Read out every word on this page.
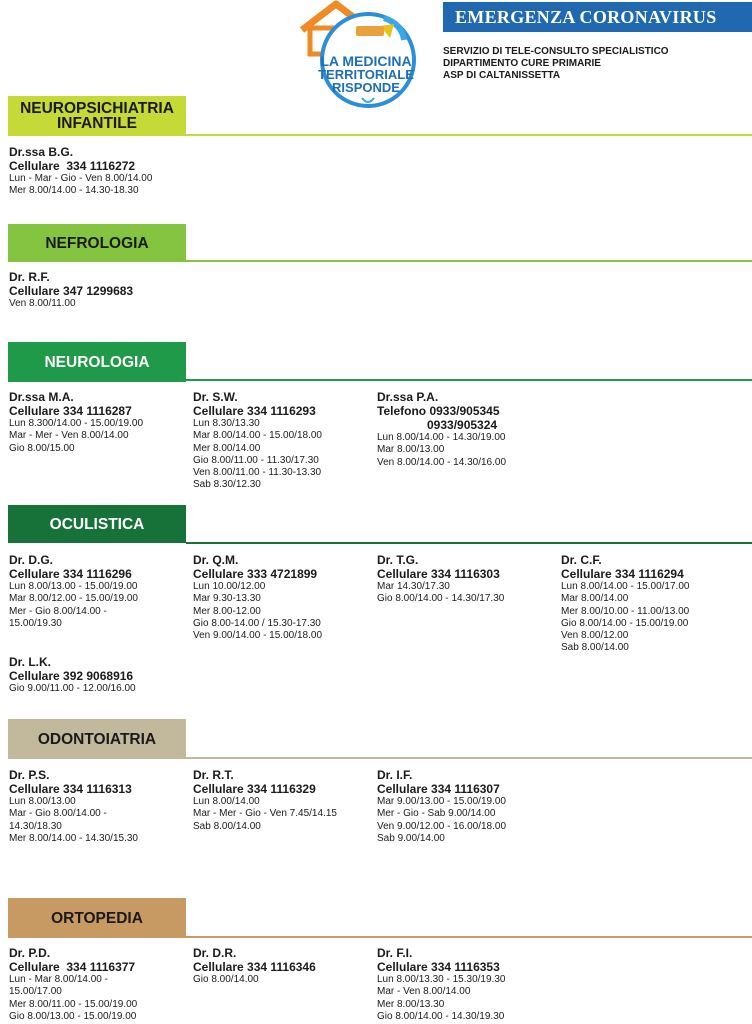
LA MEDICINA
TERRITORIALE
RISPONDE
EMERGENZA CORONAVIRUS
SERVIZIO DI TELE-CONSULTO SPECIALISTICO
DIPARTIMENTO CURE PRIMARIE
ASP DI CALTANISSETTA
NEUROPSICHIATRIA
INFANTILE
Dr.ssa B.G.
Cellulare  334 1116272
Lun - Mar - Gio - Ven 8.00/14.00
Mer 8.00/14.00 - 14.30-18.30
NEFROLOGIA
Dr. R.F.
Cellulare 347 1299683
Ven 8.00/11.00
NEUROLOGIA
Dr.ssa M.A.
Cellulare 334 1116287
Lun 8.300/14.00 - 15.00/19.00
Mar - Mer - Ven 8.00/14.00
Gio 8.00/15.00
Dr. S.W.
Cellulare 334 1116293
Lun 8.30/13.30
Mar 8.00/14.00 - 15.00/18.00
Mer 8.00/14.00
Gio 8.00/11.00 - 11.30/17.30
Ven 8.00/11.00 - 11.30-13.30
Sab 8.30/12.30
Dr.ssa P.A.
Telefono 0933/905345
0933/905324
Lun 8.00/14.00 - 14.30/19.00
Mar 8.00/13.00
Ven 8.00/14.00 - 14.30/16.00
OCULISTICA
Dr. D.G.
Cellulare 334 1116296
Lun 8.00/13.00 - 15.00/19.00
Mar 8.00/12.00 - 15.00/19.00
Mer - Gio 8.00/14.00 -
15.00/19.30
Dr. Q.M.
Cellulare 333 4721899
Lun 10.00/12.00
Mar 9.30-13.30
Mer 8.00-12.00
Gio 8.00-14.00 / 15.30-17.30
Ven 9.00/14.00 - 15.00/18.00
Dr. T.G.
Cellulare 334 1116303
Mar 14.30/17.30
Gio 8.00/14.00 - 14.30/17.30
Dr. C.F.
Cellulare 334 1116294
Lun 8.00/14.00 - 15.00/17.00
Mar 8.00/14.00
Mer 8.00/10.00 - 11.00/13.00
Gio 8.00/14.00 - 15.00/19.00
Ven 8.00/12.00
Sab 8.00/14.00
Dr. L.K.
Cellulare 392 9068916
Gio 9.00/11.00 - 12.00/16.00
ODONTOIATRIA
Dr. P.S.
Cellulare 334 1116313
Lun 8.00/13.00
Mar - Gio 8.00/14.00 -
14.30/18.30
Mer 8.00/14.00 - 14.30/15.30
Dr. R.T.
Cellulare 334 1116329
Lun 8.00/14.00
Mar - Mer - Gio - Ven 7.45/14.15
Sab 8.00/14.00
Dr. I.F.
Cellulare 334 1116307
Mar 9.00/13.00 - 15.00/19.00
Mer - Gio - Sab 9.00/14.00
Ven 9.00/12.00 - 16.00/18.00
Sab 9.00/14.00
ORTOPEDIA
Dr. P.D.
Cellulare  334 1116377
Lun - Mar 8.00/14.00 -
15.00/17.00
Mer 8.00/11.00 - 15.00/19.00
Gio 8.00/13.00 - 15.00/19.00
Dr. D.R.
Cellulare 334 1116346
Gio 8.00/14.00
Dr. F.I.
Cellulare 334 1116353
Lun 8.00/13.30 - 15.30/19.30
Mar - Ven 8.00/14.00
Mer 8.00/13.30
Gio 8.00/14.00 - 14.30/19.30
